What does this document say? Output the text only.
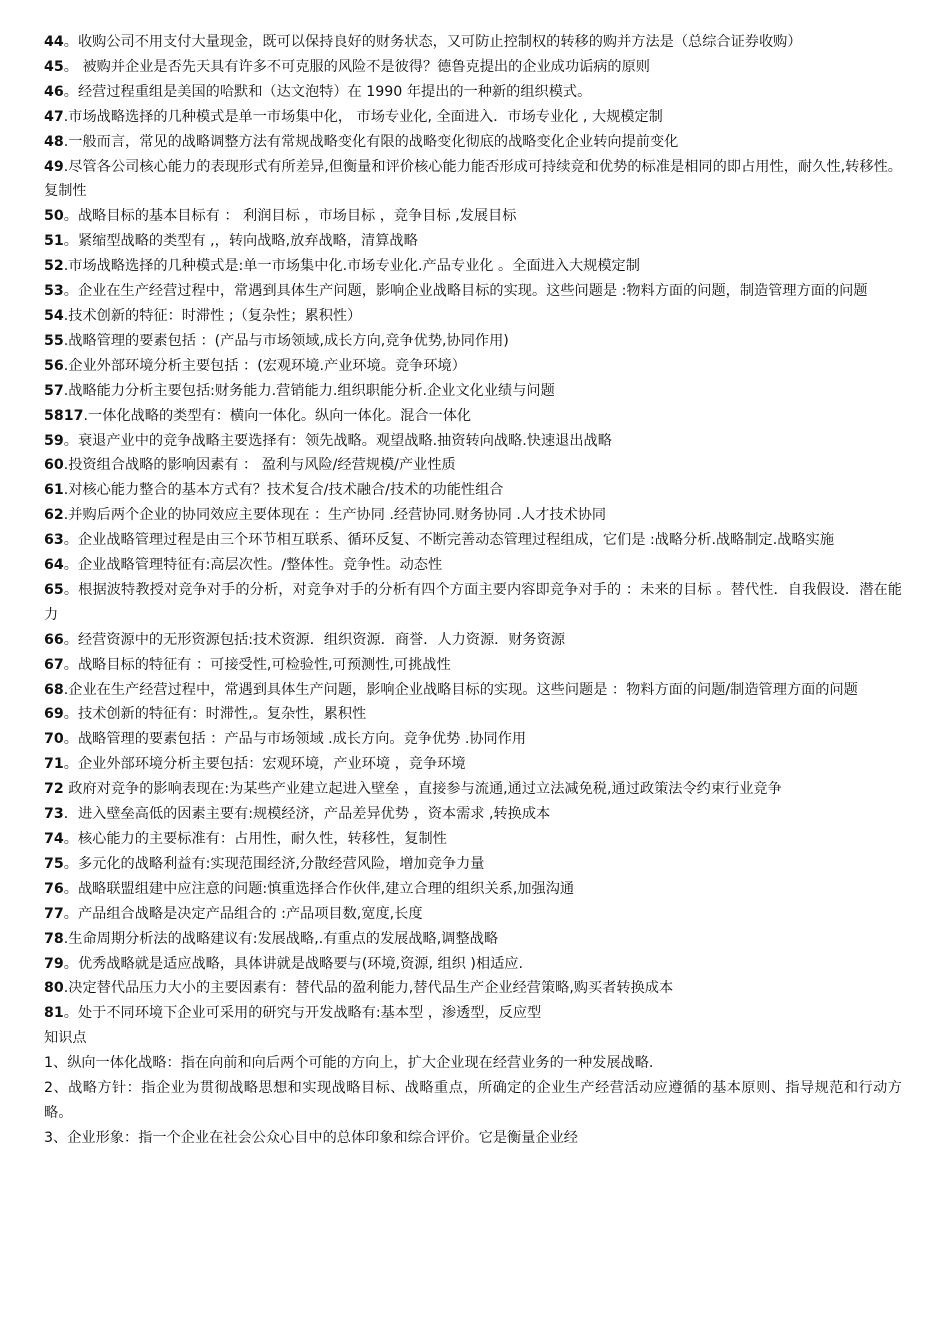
44。收购公司不用支付大量现金，既可以保持良好的财务状态，又可防止控制权的转移的购并方法是（总综合证券收购）

45。 被购并企业是否先天具有许多不可克服的风险不是彼得？德鲁克提出的企业成功诟病的原则

46。经营过程重组是美国的哈默和（达文泡特）在 1990 年提出的一种新的组织模式。

47.市场战略选择的几种模式是单一市场集中化， 市场专业化, 全面进入．市场专业化 , 大规模定制

48.一般而言，常见的战略调整方法有常规战略变化有限的战略变化彻底的战略变化企业转向提前变化

49.尽管各公司核心能力的表现形式有所差异,但衡量和评价核心能力能否形成可持续竞和优势的标准是相同的即占用性，耐久性,转移性。复制性

50。战略目标的基本目标有 ： 利润目标 ，市场目标 ，竞争目标 ,发展目标

51。紧缩型战略的类型有 ,，转向战略,放弃战略，清算战略

52.市场战略选择的几种模式是:单一市场集中化.市场专业化.产品专业化 。全面进入大规模定制

53。企业在生产经营过程中，常遇到具体生产问题，影响企业战略目标的实现。这些问题是 :物料方面的问题，制造管理方面的问题

54.技术创新的特征：时滞性 ;（复杂性；累积性）

55.战略管理的要素包括 ：(产品与市场领域,成长方向,竞争优势,协同作用)

56.企业外部环境分析主要包括 ：(宏观环境.产业环境。竞争环境）

57.战略能力分析主要包括:财务能力.营销能力.组织职能分析.企业文化业绩与问题

5817.一体化战略的类型有：横向一体化。纵向一体化。混合一体化

59。衰退产业中的竞争战略主要选择有：领先战略。观望战略.抽资转向战略.快速退出战略

60.投资组合战略的影响因素有 ： 盈利与风险/经营规模/产业性质

61.对核心能力整合的基本方式有？技术复合/技术融合/技术的功能性组合

62.并购后两个企业的协同效应主要体现在 ：生产协同 .经营协同.财务协同 .人才技术协同

63。企业战略管理过程是由三个环节相互联系、循环反复、不断完善动态管理过程组成，它们是 :战略分析.战略制定.战略实施

64。企业战略管理特征有:高层次性。/整体性。竞争性。动态性

65。根据波特教授对竞争对手的分析，对竞争对手的分析有四个方面主要内容即竞争对手的 ：未来的目标 。替代性．自我假设．潜在能力

66。经营资源中的无形资源包括:技术资源．组织资源．商誉．人力资源．财务资源

67。战略目标的特征有 ：可接受性,可检验性,可预测性,可挑战性

68.企业在生产经营过程中，常遇到具体生产问题，影响企业战略目标的实现。这些问题是 ：物料方面的问题/制造管理方面的问题

69。技术创新的特征有：时滞性,。复杂性，累积性

70。战略管理的要素包括 ：产品与市场领域 .成长方向。竞争优势 .协同作用

71。企业外部环境分析主要包括：宏观环境，产业环境 ，竞争环境

72 政府对竞争的影响表现在:为某些产业建立起进入壁垒 ，直接参与流通,通过立法减免税,通过政策法令约束行业竞争

73．进入壁垒高低的因素主要有:规模经济，产品差异优势 ，资本需求 ,转换成本

74。核心能力的主要标准有：占用性，耐久性，转移性，复制性

75。多元化的战略利益有:实现范围经济,分散经营风险，增加竞争力量

76。战略联盟组建中应注意的问题:慎重选择合作伙伴,建立合理的组织关系,加强沟通

77。产品组合战略是决定产品组合的 :产品项目数,宽度,长度

78.生命周期分析法的战略建议有:发展战略,.有重点的发展战略,调整战略

79。优秀战略就是适应战略，具体讲就是战略要与(环境,资源, 组织 )相适应.

80.决定替代品压力大小的主要因素有：替代品的盈利能力,替代品生产企业经营策略,购买者转换成本

81。处于不同环境下企业可采用的研究与开发战略有:基本型 ，渗透型，反应型

知识点

1、纵向一体化战略：指在向前和向后两个可能的方向上，扩大企业现在经营业务的一种发展战略.

2、战略方针：指企业为贯彻战略思想和实现战略目标、战略重点，所确定的企业生产经营活动应遵循的基本原则、指导规范和行动方略。

3、企业形象：指一个企业在社会公众心目中的总体印象和综合评价。它是衡量企业经
